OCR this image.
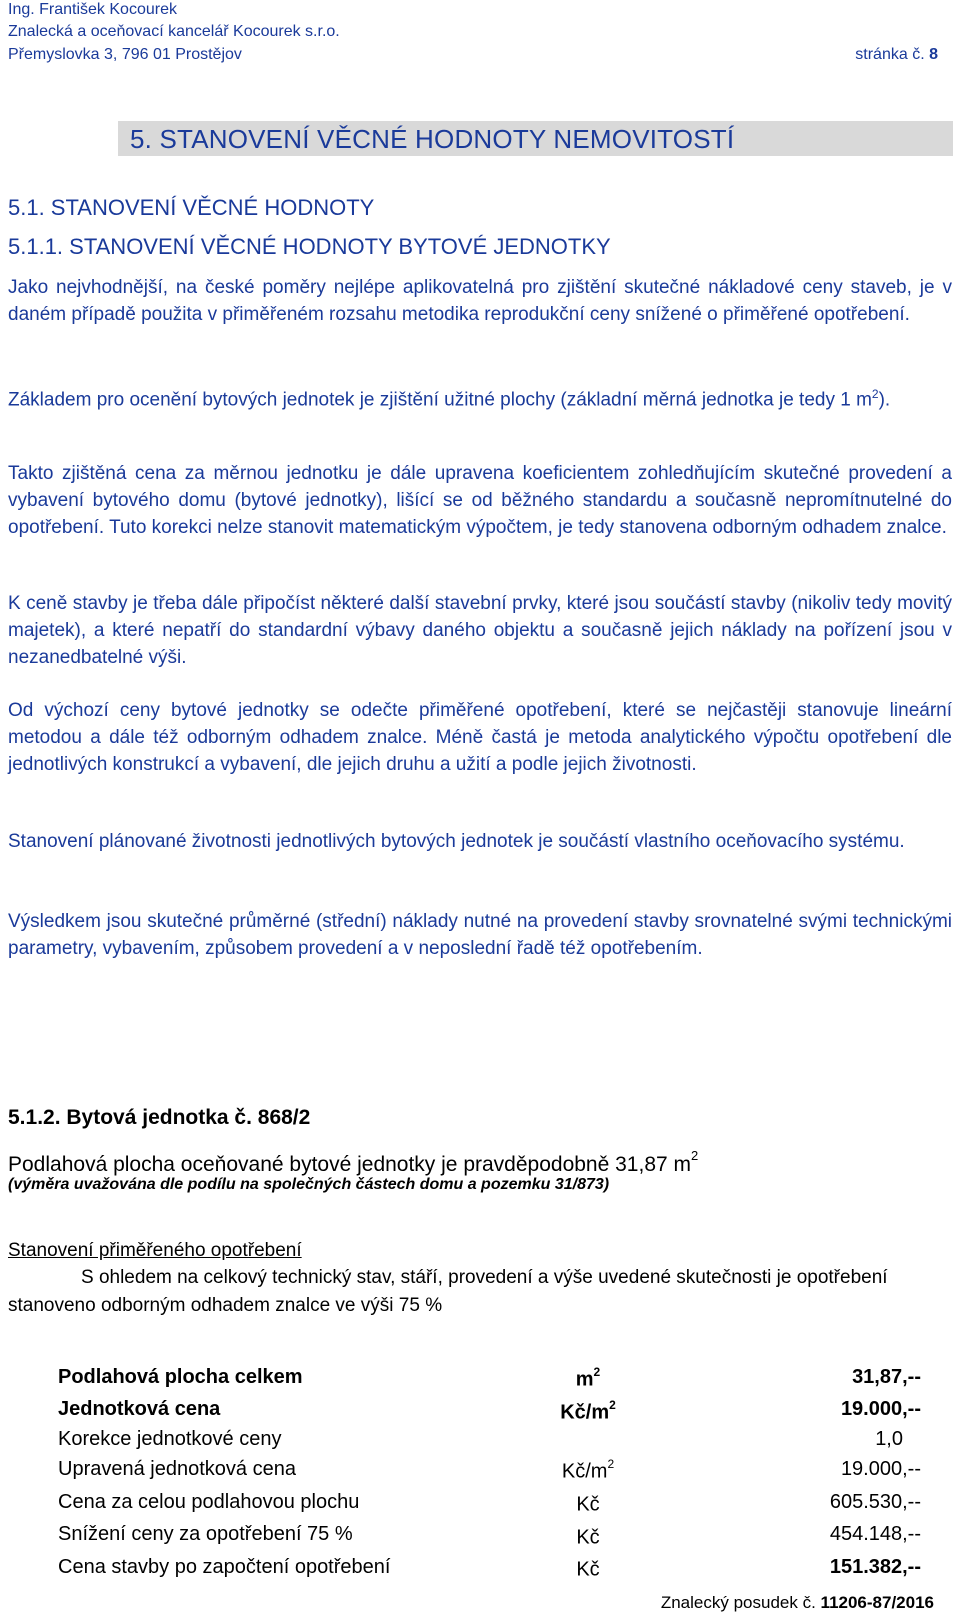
Ing. František Kocourek
Znalecká a oceňovací kancelář Kocourek s.r.o.
Přemyslovka 3, 796 01 Prostějov	stránka č. 8
5. STANOVENÍ VĚCNÉ HODNOTY NEMOVITOSTÍ
5.1. STANOVENÍ VĚCNÉ HODNOTY
5.1.1. STANOVENÍ VĚCNÉ HODNOTY BYTOVÉ JEDNOTKY

Jako nejvhodnější, na české poměry nejlépe aplikovatelná pro zjištění skutečné nákladové ceny staveb, je v daném případě použita v přiměřeném rozsahu metodika reprodukční ceny snížené o přiměřené opotřebení.

Základem pro ocenění bytových jednotek je zjištění užitné plochy (základní měrná jednotka je tedy 1 $m^2$).

Takto zjištěná cena za měrnou jednotku je dále upravena koeficientem zohledňujícím skutečné provedení a vybavení bytového domu (bytové jednotky), lišící se od běžného standardu a současně nepromítnutelné do opotřebení. Tuto korekci nelze stanovit matematickým výpočtem, je tedy stanovena odborným odhadem znalce.

K ceně stavby je třeba dále připočíst některé další stavební prvky, které jsou součástí stavby (nikoliv tedy movitý majetek), a které nepatří do standardní výbavy daného objektu a současně jejich náklady na pořízení jsou v nezanedbatelné výši.

Od výchozí ceny bytové jednotky se odečte přiměřené opotřebení, které se nejčastěji stanovuje lineární metodou a dále též odborným odhadem znalce. Méně častá je metoda analytického výpočtu opotřebení dle jednotlivých konstrukcí a vybavení, dle jejich druhu a užití a podle jejich životnosti.

Stanovení plánované životnosti jednotlivých bytových jednotek je součástí vlastního oceňovacího systému.

Výsledkem jsou skutečné průměrné (střední) náklady nutné na provedení stavby srovnatelné svými technickými parametry, vybavením, způsobem provedení a v neposlední řadě též opotřebením.

5.1.2. Bytová jednotka č. 868/2
Podlahová plocha oceňované bytové jednotky je pravděpodobně 31,87 $m^2$
(výměra uvažována dle podílu na společných částech domu a pozemku 31/873)
Stanovení přiměřeného opotřebení
S ohledem na celkový technický stav, stáří, provedení a výše uvedené skutečnosti je opotřebení stanoveno odborným odhadem znalce ve výši 75 %
Podlahová plocha celkem	$m^2$	31,87,--
Jednotková cena	$Kč/m^2$	19.000,--
Korekce jednotkové ceny		1,0
Upravená jednotková cena	$Kč/m^2$	19.000,--
Cena za celou podlahovou plochu	Kč	605.530,--
Snížení ceny za opotřebení 75 %	Kč	454.148,--
Cena stavby po započtení opotřebení	Kč	151.382,--
Znalecký posudek č. 11206-87/2016
